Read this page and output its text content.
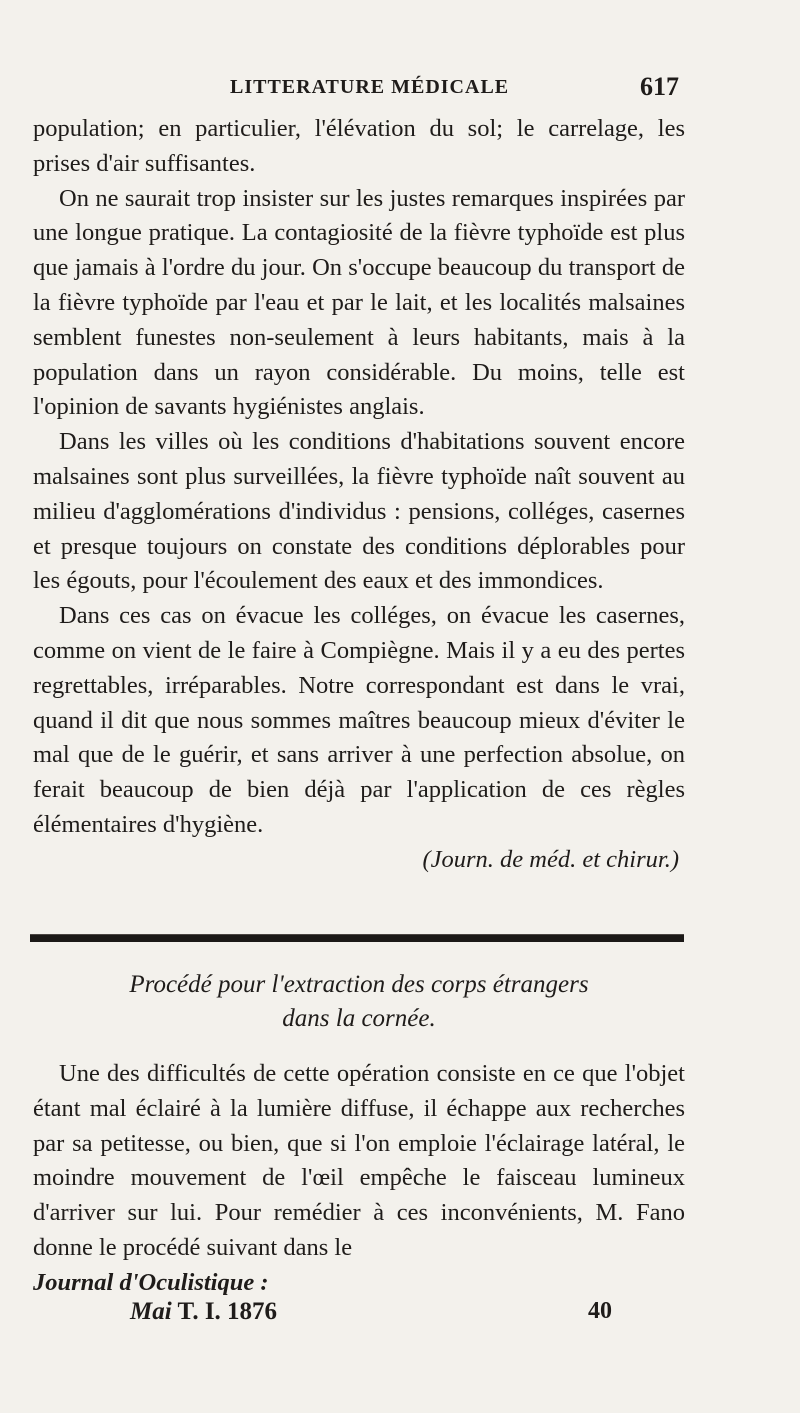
LITTERATURE MÉDICALE	617

population; en particulier, l'élévation du sol; le carrelage, les prises d'air suffisantes.

On ne saurait trop insister sur les justes remarques inspirées par une longue pratique. La contagiosité de la fièvre typhoïde est plus que jamais à l'ordre du jour. On s'occupe beaucoup du transport de la fièvre typhoïde par l'eau et par le lait, et les localités malsaines semblent funestes non-seulement à leurs habitants, mais à la population dans un rayon considérable. Du moins, telle est l'opinion de savants hygiénistes anglais.

Dans les villes où les conditions d'habitations souvent encore malsaines sont plus surveillées, la fièvre typhoïde naît souvent au milieu d'agglomérations d'individus : pensions, colléges, casernes et presque toujours on constate des conditions déplorables pour les égouts, pour l'écoulement des eaux et des immondices.

Dans ces cas on évacue les colléges, on évacue les casernes, comme on vient de le faire à Compiègne. Mais il y a eu des pertes regrettables, irréparables. Notre correspondant est dans le vrai, quand il dit que nous sommes maîtres beaucoup mieux d'éviter le mal que de le guérir, et sans arriver à une perfection absolue, on ferait beaucoup de bien déjà par l'application de ces règles élémentaires d'hygiène.

(Journ. de méd. et chirur.)
Procédé pour l'extraction des corps étrangers
dans la cornée.

Une des difficultés de cette opération consiste en ce que l'objet étant mal éclairé à la lumière diffuse, il échappe aux recherches par sa petitesse, ou bien, que si l'on emploie l'éclairage latéral, le moindre mouvement de l'œil empêche le faisceau lumineux d'arriver sur lui. Pour remédier à ces inconvénients, M. Fano donne le procédé suivant dans le

Journal d'Oculistique :
Mai T. I. 1876	40
